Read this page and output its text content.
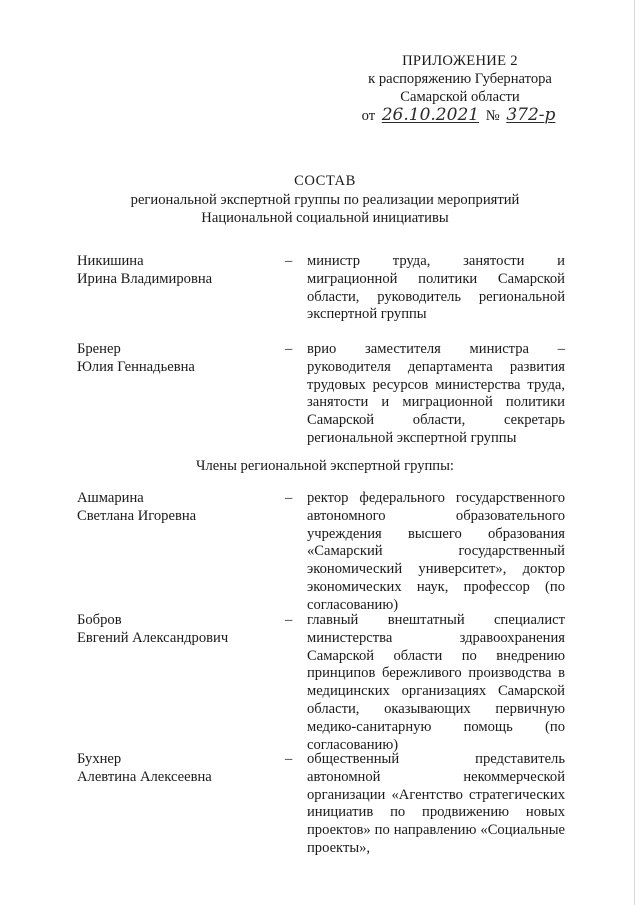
ПРИЛОЖЕНИЕ 2
к распоряжению Губернатора
Самарской области
от 26.10.2021 № 372-р
СОСТАВ
региональной экспертной группы по реализации мероприятий
Национальной социальной инициативы
Никишина
Ирина Владимировна
–	министр труда, занятости и миграционной политики Самарской области, руководитель региональной экспертной группы
Бренер
Юлия Геннадьевна
–	врио заместителя министра – руководителя департамента развития трудовых ресурсов министерства труда, занятости и миграционной политики Самарской области, секретарь региональной экспертной группы
Члены региональной экспертной группы:
Ашмарина
Светлана Игоревна
–	ректор федерального государственного автономного образовательного учреждения высшего образования «Самарский государственный экономический университет», доктор экономических наук, профессор (по согласованию)
Бобров
Евгений Александрович
–	главный внештатный специалист министерства здравоохранения Самарской области по внедрению принципов бережливого производства в медицинских организациях Самарской области, оказывающих первичную медико-санитарную помощь (по согласованию)
Бухнер
Алевтина Алексеевна
–	общественный представитель автономной некоммерческой организации «Агентство стратегических инициатив по продвижению новых проектов» по направлению «Социальные проекты»,
